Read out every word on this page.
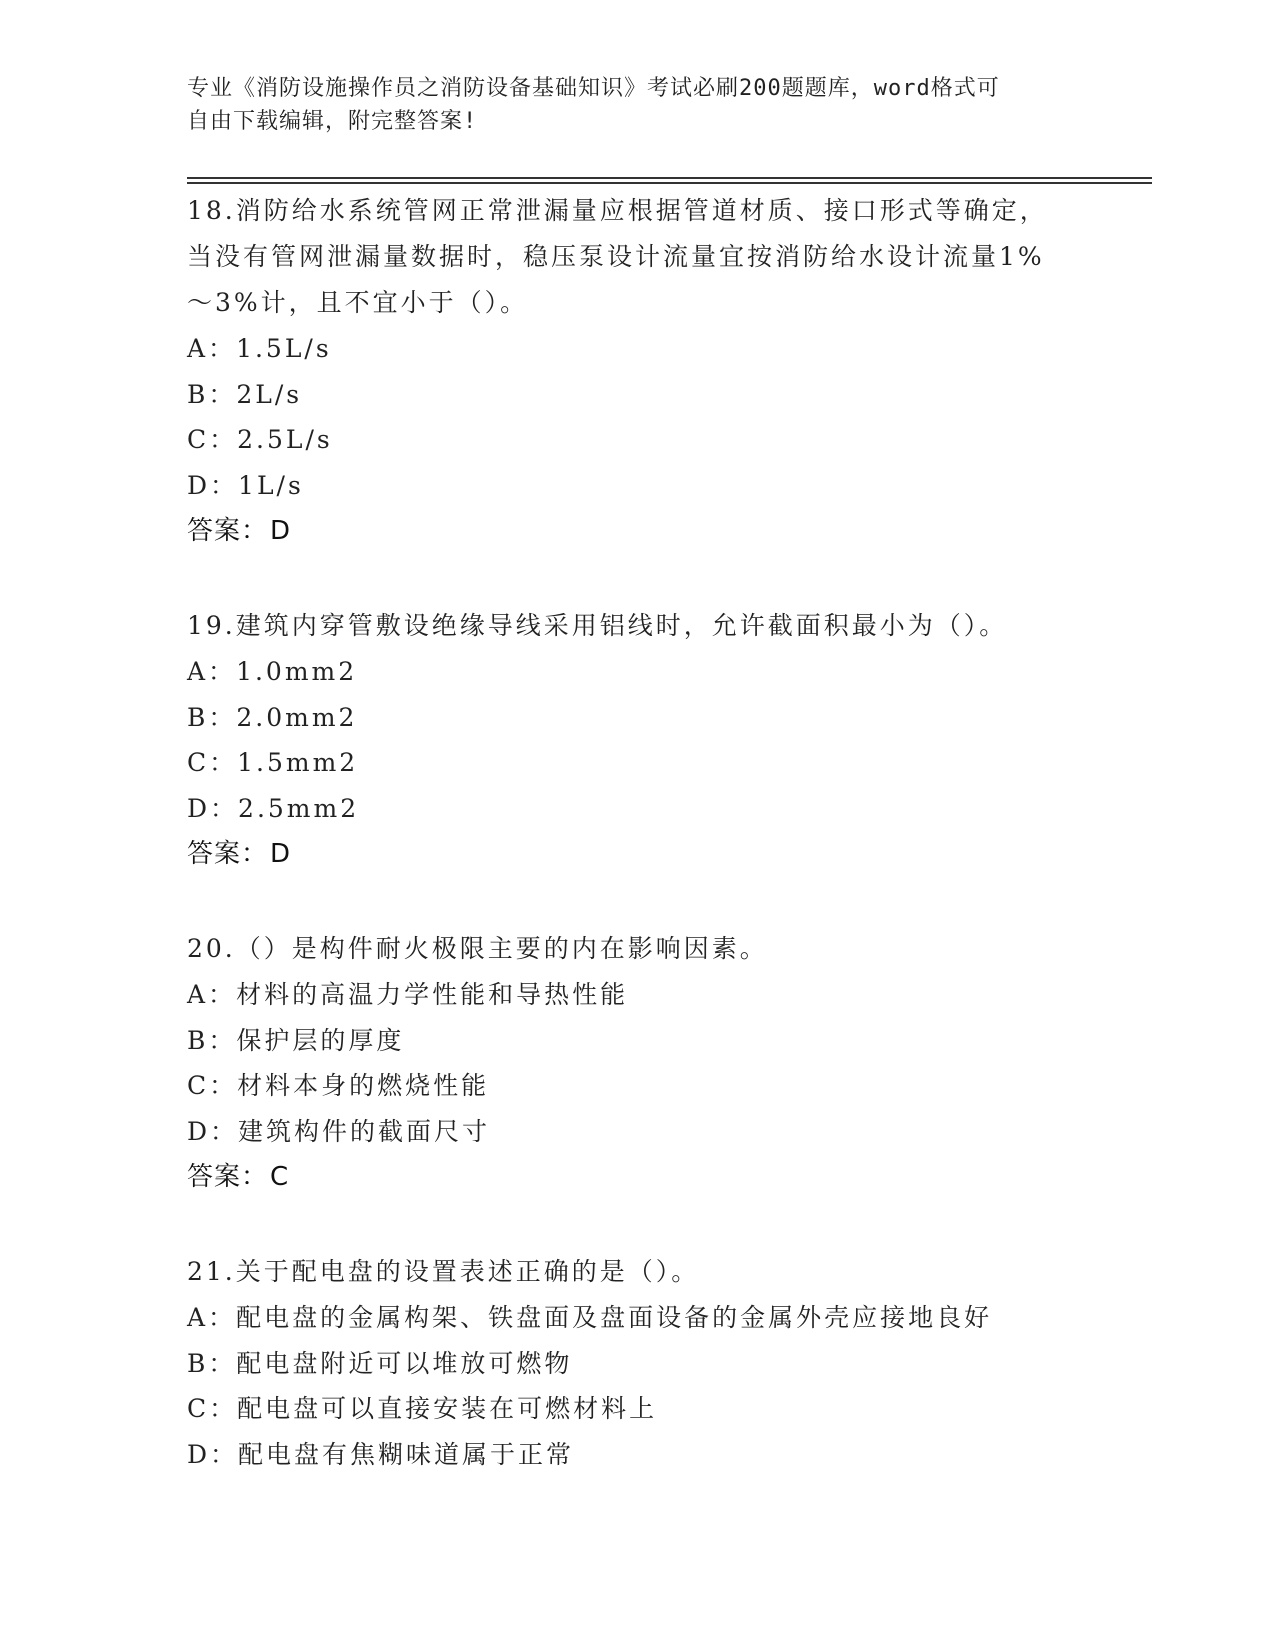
专业《消防设施操作员之消防设备基础知识》考试必刷200题题库，word格式可
自由下载编辑，附完整答案!

18.消防给水系统管网正常泄漏量应根据管道材质、接口形式等确定，

当没有管网泄漏量数据时，稳压泵设计流量宜按消防给水设计流量1%

～3%计，且不宜小于（）。

A：1.5L/s

B：2L/s

C：2.5L/s

D：1L/s

答案：D

19.建筑内穿管敷设绝缘导线采用铝线时，允许截面积最小为（）。

A：1.0mm2

B：2.0mm2

C：1.5mm2

D：2.5mm2

答案：D

20.（）是构件耐火极限主要的内在影响因素。

A：材料的高温力学性能和导热性能

B：保护层的厚度

C：材料本身的燃烧性能

D：建筑构件的截面尺寸

答案：C

21.关于配电盘的设置表述正确的是（）。

A：配电盘的金属构架、铁盘面及盘面设备的金属外壳应接地良好

B：配电盘附近可以堆放可燃物

C：配电盘可以直接安装在可燃材料上

D：配电盘有焦糊味道属于正常
